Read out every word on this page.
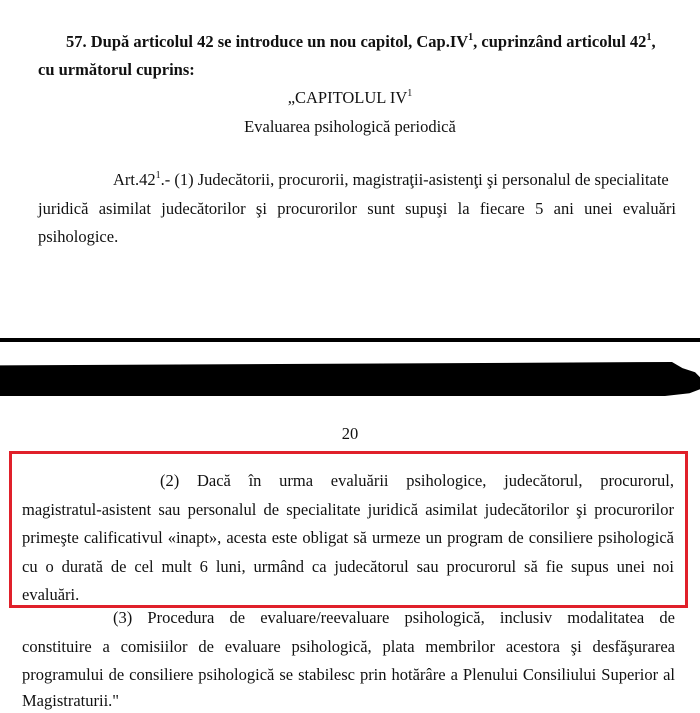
57. După articolul 42 se introduce un nou capitol, $Cap.IV^1$, cuprinzând articolul $42^1$,
cu următorul cuprins:
„CAPITOLUL $IV^1$
Evaluarea psihologică periodică
$Art.42^1.-$ (1) Judecătorii, procurorii, magistraţii-asistenţi şi personalul de specialitate
juridică asimilat judecătorilor şi procurorilor sunt supuşi la fiecare 5 ani unei evaluări
psihologice.
20
(2) Dacă în urma evaluării psihologice, judecătorul, procurorul,
magistratul-asistent sau personalul de specialitate juridică asimilat judecătorilor şi procurorilor
primeşte calificativul «inapt», acesta este obligat să urmeze un program de consiliere psihologică
cu o durată de cel mult 6 luni, urmând ca judecătorul sau procurorul să fie supus unei noi
evaluări.
(3) Procedura de evaluare/reevaluare psihologică, inclusiv modalitatea de
constituire a comisiilor de evaluare psihologică, plata membrilor acestora şi desfăşurarea
programului de consiliere psihologică se stabilesc prin hotărâre a Plenului Consiliului Superior al
Magistraturii."
